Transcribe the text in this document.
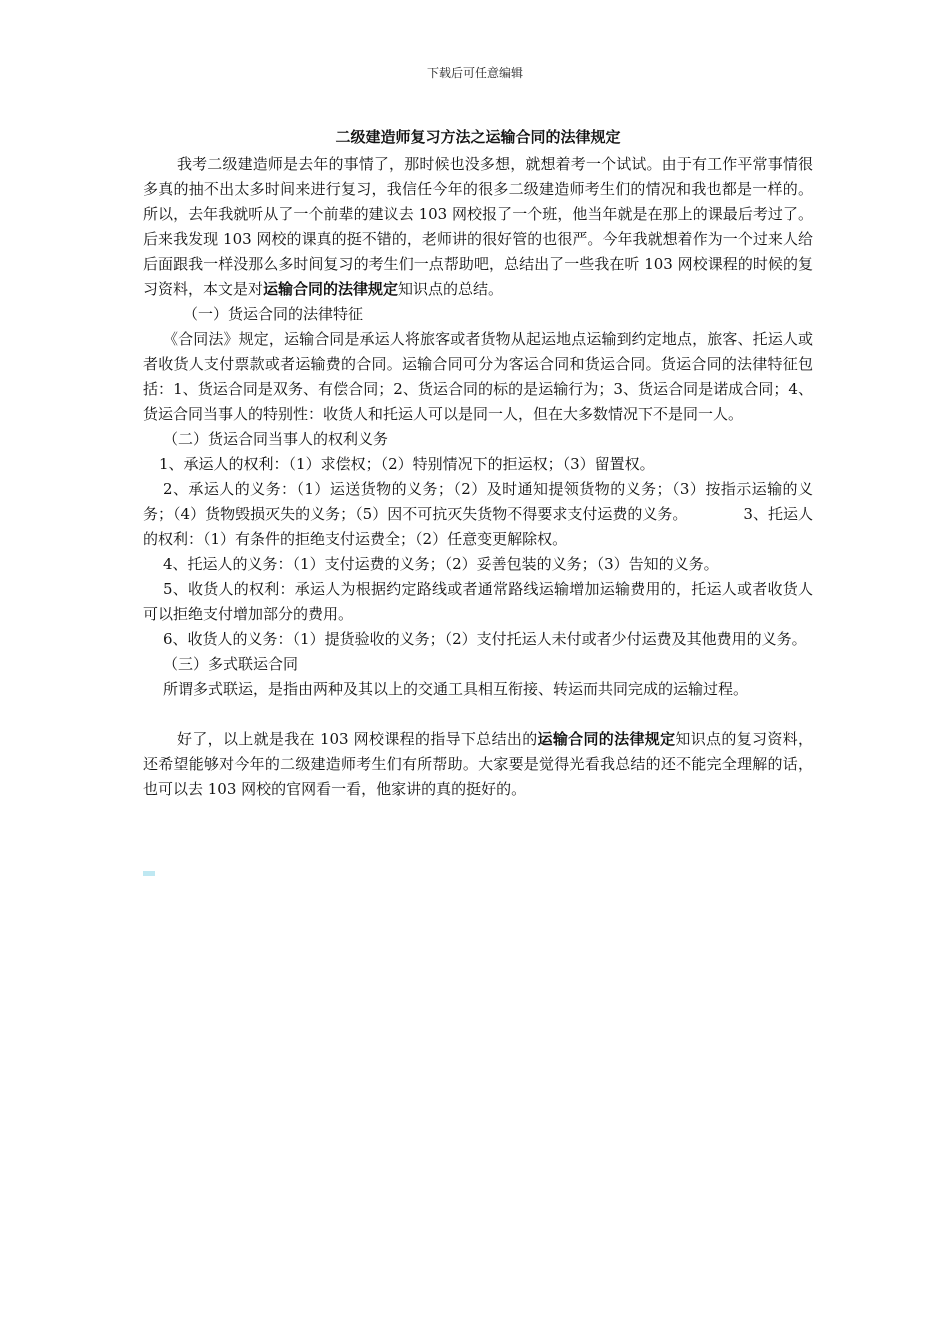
下载后可任意编辑
二级建造师复习方法之运输合同的法律规定

我考二级建造师是去年的事情了，那时候也没多想，就想着考一个试试。由于有工作平常事情很多真的抽不出太多时间来进行复习，我信任今年的很多二级建造师考生们的情况和我也都是一样的。所以，去年我就听从了一个前辈的建议去 103 网校报了一个班，他当年就是在那上的课最后考过了。后来我发现 103 网校的课真的挺不错的，老师讲的很好管的也很严。今年我就想着作为一个过来人给后面跟我一样没那么多时间复习的考生们一点帮助吧，总结出了一些我在听 103 网校课程的时候的复习资料，本文是对运输合同的法律规定知识点的总结。

（一）货运合同的法律特征

《合同法》规定，运输合同是承运人将旅客或者货物从起运地点运输到约定地点，旅客、托运人或者收货人支付票款或者运输费的合同。运输合同可分为客运合同和货运合同。货运合同的法律特征包括：1、货运合同是双务、有偿合同；2、货运合同的标的是运输行为；3、货运合同是诺成合同；4、货运合同当事人的特别性：收货人和托运人可以是同一人，但在大多数情况下不是同一人。

（二）货运合同当事人的权利义务

1、承运人的权利：（1）求偿权；（2）特别情况下的拒运权；（3）留置权。

2、承运人的义务：（1）运送货物的义务；（2）及时通知提领货物的义务；（3）按指示运输的义务；（4）货物毁损灭失的义务；（5）因不可抗灭失货物不得要求支付运费的义务。	3、托运人的权利：（1）有条件的拒绝支付运费全；（2）任意变更解除权。

4、托运人的义务：（1）支付运费的义务；（2）妥善包装的义务；（3）告知的义务。

5、收货人的权利：承运人为根据约定路线或者通常路线运输增加运输费用的，托运人或者收货人可以拒绝支付增加部分的费用。

6、收货人的义务：（1）提货验收的义务；（2）支付托运人未付或者少付运费及其他费用的义务。

（三）多式联运合同

所谓多式联运，是指由两种及其以上的交通工具相互衔接、转运而共同完成的运输过程。

好了，以上就是我在 103 网校课程的指导下总结出的运输合同的法律规定知识点的复习资料，还希望能够对今年的二级建造师考生们有所帮助。大家要是觉得光看我总结的还不能完全理解的话，也可以去 103 网校的官网看一看，他家讲的真的挺好的。
